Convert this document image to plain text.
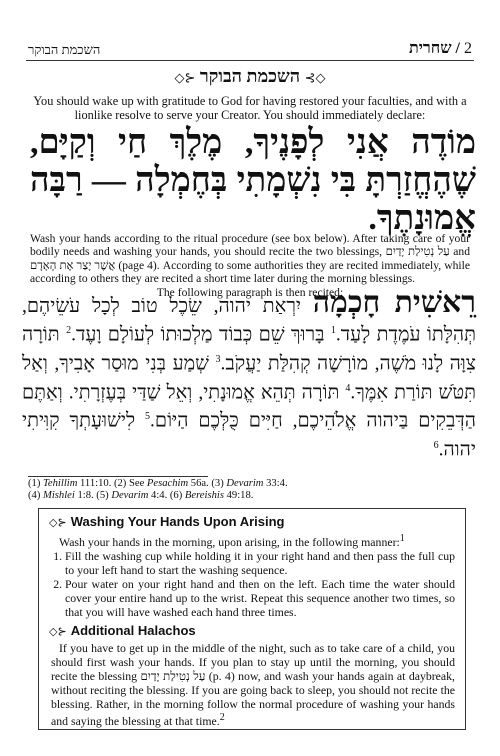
השכמת הבוקר	2 / שחרית
◇⊱ השכמת הבוקר ⊰◇
You should wake up with gratitude to God for having restored your faculties, and with a lionlike resolve to serve your Creator. You should immediately declare:
מוֹדֶה אֲנִי לְפָנֶיךָ, מֶלֶךְ חַי וְקַיָּם, שֶׁהֶחֱזַרְתָּ בִּי נִשְׁמָתִי בְּחֶמְלָה — רַבָּה אֱמוּנָתֶךָ.
Wash your hands according to the ritual procedure (see box below). After taking care of your bodily needs and washing your hands, you should recite the two blessings, עַל נְטִילַת יָדַיִם and אֲשֶׁר יָצַר אֶת הָאָדָם (page 4). According to some authorities they are recited immediately, while according to others they are recited a short time later during the morning blessings.
The following paragraph is then recited:
רֵאשִׁית חָכְמָה יִרְאַת יהוה, שֵׂכֶל טוֹב לְכָל עֹשֵׂיהֶם, תְּהִלָּתוֹ עֹמֶדֶת לָעַד.$^1$ בָּרוּךְ שֵׁם כְּבוֹד מַלְכוּתוֹ לְעוֹלָם וָעֶד.$^2$ תּוֹרָה צִוָּה לָנוּ מֹשֶׁה, מוֹרָשָׁה קְהִלַּת יַעֲקֹב.$^3$ שְׁמַע בְּנִי מוּסַר אָבִיךָ, וְאַל תִּטֹּשׁ תּוֹרַת אִמֶּךָ.$^4$ תּוֹרָה תְּהֵא אֱמוּנָתִי, וְאֵל שַׁדַּי בְּעֶזְרָתִי. וְאַתֶּם הַדְּבֵקִים בַּיהוה אֱלֹהֵיכֶם, חַיִּים כֻּלְּכֶם הַיּוֹם.$^5$ לִישׁוּעָתְךָ קִוִּיתִי יהוה.$^6$
(1) Tehillim 111:10. (2) See Pesachim 56a. (3) Devarim 33:4.
(4) Mishlei 1:8. (5) Devarim 4:4. (6) Bereishis 49:18.
◇⊱ Washing Your Hands Upon Arising

Wash your hands in the morning, upon arising, in the following manner:$^1$

1. Fill the washing cup while holding it in your right hand and then pass the full cup to your left hand to start the washing sequence.
2. Pour water on your right hand and then on the left. Each time the water should cover your entire hand up to the wrist. Repeat this sequence another two times, so that you will have washed each hand three times.
◇⊱ Additional Halachos

If you have to get up in the middle of the night, such as to take care of a child, you should first wash your hands. If you plan to stay up until the morning, you should recite the blessing עַל נְטִילַת יָדַיִם (p. 4) now, and wash your hands again at daybreak, without reciting the blessing. If you are going back to sleep, you should not recite the blessing. Rather, in the morning follow the normal procedure of washing your hands and saying the blessing at that time.$^2$
